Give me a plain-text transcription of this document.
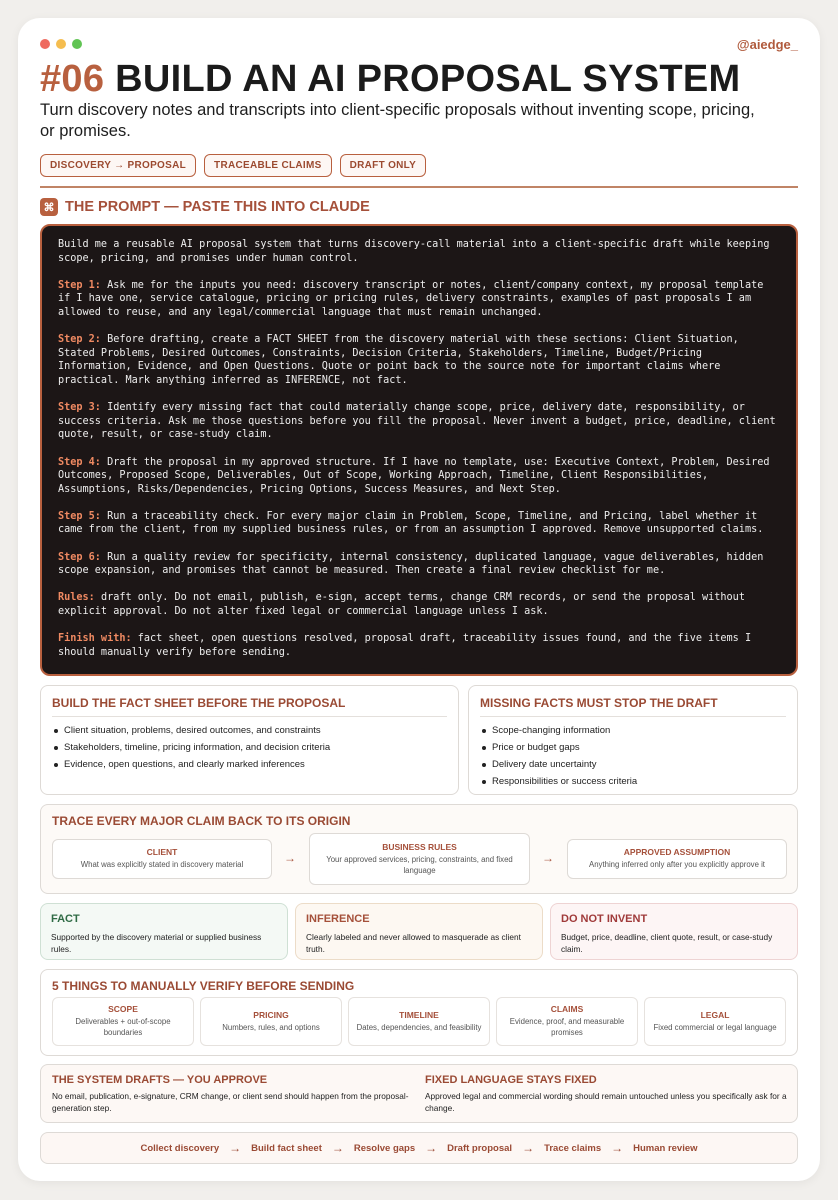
@aiedge_
#06 BUILD AN AI PROPOSAL SYSTEM
Turn discovery notes and transcripts into client-specific proposals without inventing scope, pricing, or promises.
DISCOVERY → PROPOSAL	TRACEABLE CLAIMS	DRAFT ONLY
⌘ THE PROMPT — PASTE THIS INTO CLAUDE

Build me a reusable AI proposal system that turns discovery-call material into a client-specific draft while keeping scope, pricing, and promises under human control.

Step 1: Ask me for the inputs you need: discovery transcript or notes, client/company context, my proposal template if I have one, service catalogue, pricing or pricing rules, delivery constraints, examples of past proposals I am allowed to reuse, and any legal/commercial language that must remain unchanged.

Step 2: Before drafting, create a FACT SHEET from the discovery material with these sections: Client Situation, Stated Problems, Desired Outcomes, Constraints, Decision Criteria, Stakeholders, Timeline, Budget/Pricing Information, Evidence, and Open Questions. Quote or point back to the source note for important claims where practical. Mark anything inferred as INFERENCE, not fact.

Step 3: Identify every missing fact that could materially change scope, price, delivery date, responsibility, or success criteria. Ask me those questions before you fill the proposal. Never invent a budget, price, deadline, client quote, result, or case-study claim.

Step 4: Draft the proposal in my approved structure. If I have no template, use: Executive Context, Problem, Desired Outcomes, Proposed Scope, Deliverables, Out of Scope, Working Approach, Timeline, Client Responsibilities, Assumptions, Risks/Dependencies, Pricing Options, Success Measures, and Next Step.

Step 5: Run a traceability check. For every major claim in Problem, Scope, Timeline, and Pricing, label whether it came from the client, from my supplied business rules, or from an assumption I approved. Remove unsupported claims.

Step 6: Run a quality review for specificity, internal consistency, duplicated language, vague deliverables, hidden scope expansion, and promises that cannot be measured. Then create a final review checklist for me.

Rules: draft only. Do not email, publish, e-sign, accept terms, change CRM records, or send the proposal without explicit approval. Do not alter fixed legal or commercial language unless I ask.

Finish with: fact sheet, open questions resolved, proposal draft, traceability issues found, and the five items I should manually verify before sending.

BUILD THE FACT SHEET BEFORE THE PROPOSAL
Client situation, problems, desired outcomes, and constraints
Stakeholders, timeline, pricing information, and decision criteria
Evidence, open questions, and clearly marked inferences
MISSING FACTS MUST STOP THE DRAFT
Scope-changing information
Price or budget gaps
Delivery date uncertainty
Responsibilities or success criteria
TRACE EVERY MAJOR CLAIM BACK TO ITS ORIGIN
CLIENT
What was explicitly stated in discovery material	→
BUSINESS RULES
Your approved services, pricing, constraints, and fixed language
→	APPROVED ASSUMPTION
Anything inferred only after you explicitly approve it
FACT
Supported by the discovery material or supplied business rules.
INFERENCE
Clearly labeled and never allowed to masquerade as client truth.
DO NOT INVENT
Budget, price, deadline, client quote, result, or case-study claim.
5 THINGS TO MANUALLY VERIFY BEFORE SENDING
SCOPE
Deliverables + out-of-scope boundaries
PRICING
Numbers, rules, and options
TIMELINE
Dates, dependencies, and feasibility
CLAIMS
Evidence, proof, and measurable promises
LEGAL
Fixed commercial or legal language
THE SYSTEM DRAFTS — YOU APPROVE
No email, publication, e-signature, CRM change, or client send should happen from the proposal-generation step.
FIXED LANGUAGE STAYS FIXED
Approved legal and commercial wording should remain untouched unless you specifically ask for a change.
Collect discovery → Build fact sheet → Resolve gaps → Draft proposal → Trace claims → Human review
